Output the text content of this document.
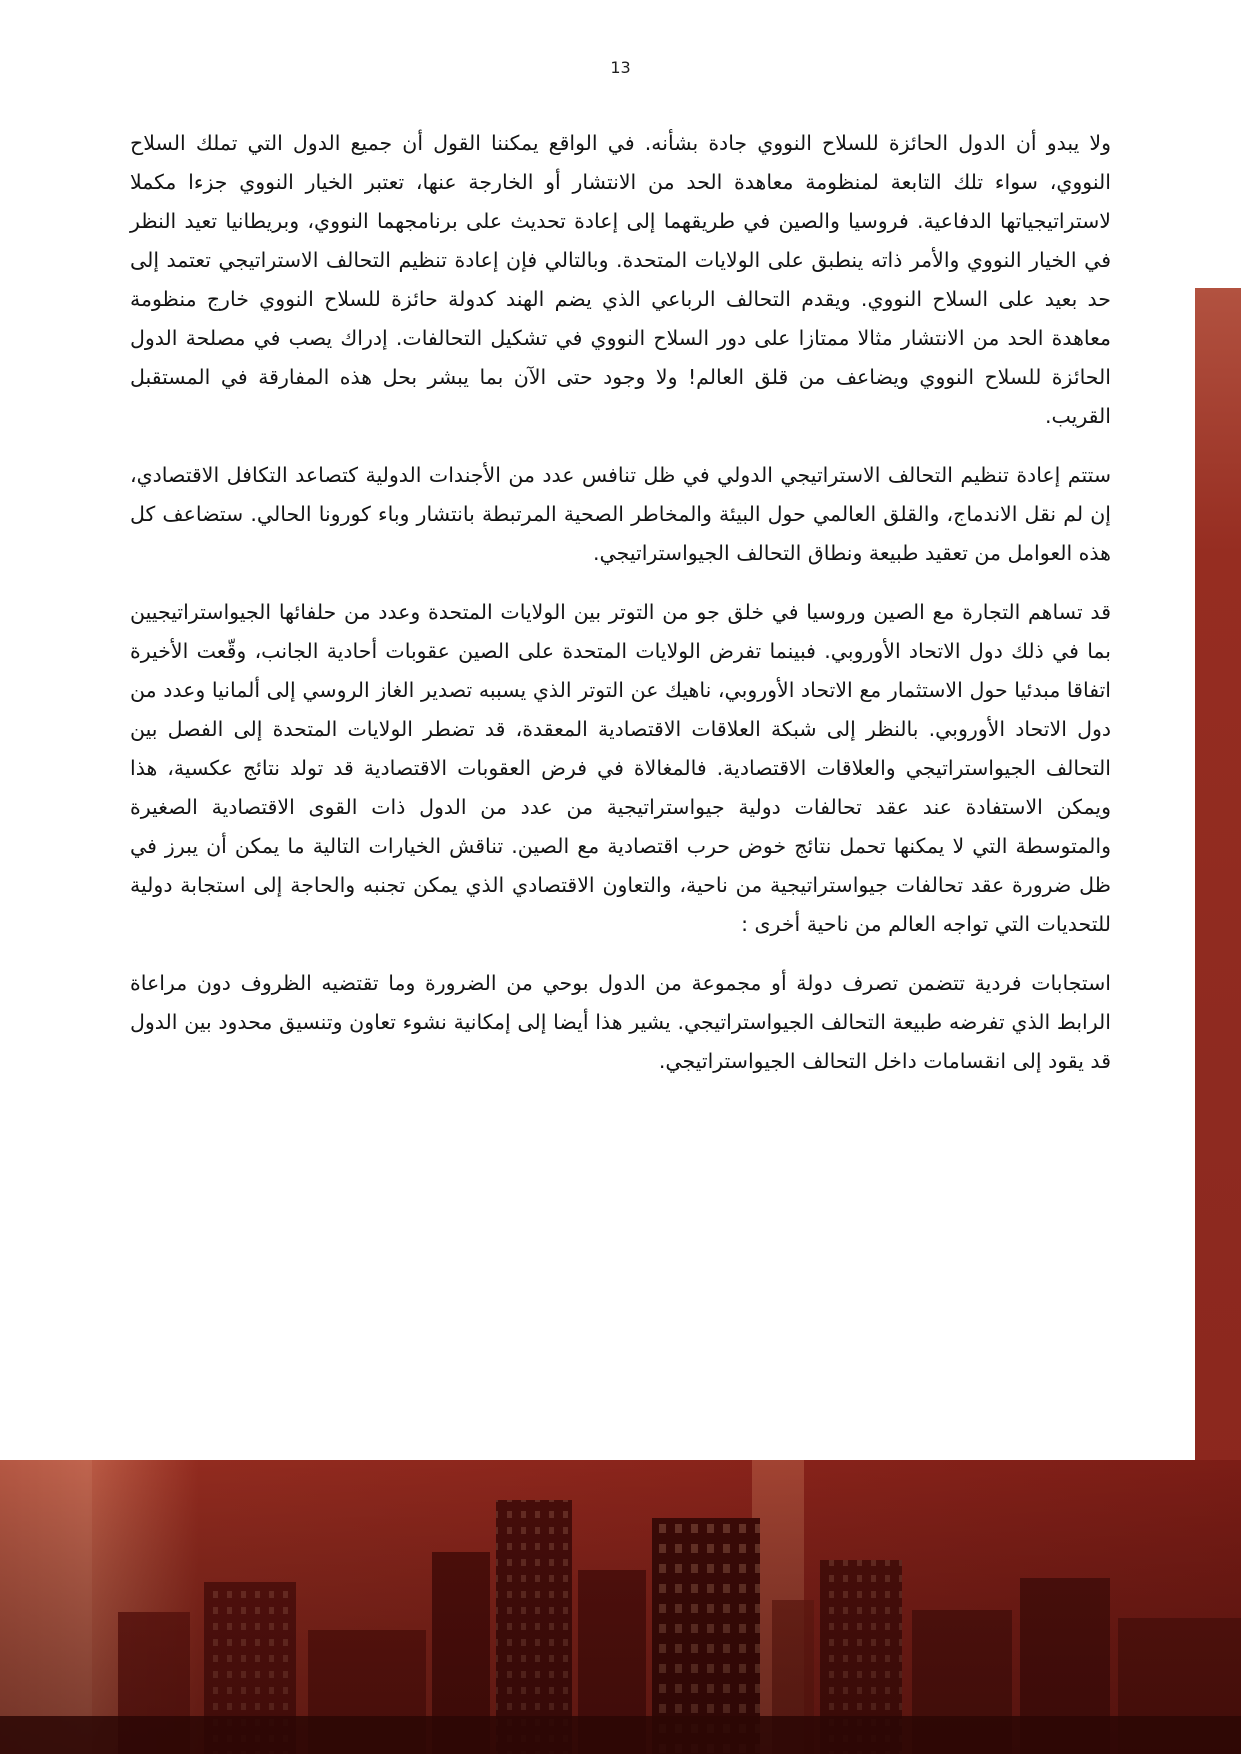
13

ولا يبدو أن الدول الحائزة للسلاح النووي جادة بشأنه. في الواقع يمكننا القول أن جميع الدول التي تملك السلاح النووي، سواء تلك التابعة لمنظومة معاهدة الحد من الانتشار أو الخارجة عنها، تعتبر الخيار النووي جزءا مكملا لاستراتيجياتها الدفاعية. فروسيا والصين في طريقهما إلى إعادة تحديث على برنامجهما النووي، وبريطانيا تعيد النظر في الخيار النووي والأمر ذاته ينطبق على الولايات المتحدة. وبالتالي فإن إعادة تنظيم التحالف الاستراتيجي تعتمد إلى حد بعيد على السلاح النووي. ويقدم التحالف الرباعي الذي يضم الهند كدولة حائزة للسلاح النووي خارج منظومة معاهدة الحد من الانتشار مثالا ممتازا على دور السلاح النووي في تشكيل التحالفات. إدراك يصب في مصلحة الدول الحائزة للسلاح النووي ويضاعف من قلق العالم! ولا وجود حتى الآن بما يبشر بحل هذه المفارقة في المستقبل القريب.

ستتم إعادة تنظيم التحالف الاستراتيجي الدولي في ظل تنافس عدد من الأجندات الدولية كتصاعد التكافل الاقتصادي، إن لم نقل الاندماج، والقلق العالمي حول البيئة والمخاطر الصحية المرتبطة بانتشار وباء كورونا الحالي. ستضاعف كل هذه العوامل من تعقيد طبيعة ونطاق التحالف الجيواستراتيجي.

قد تساهم التجارة مع الصين وروسيا في خلق جو من التوتر بين الولايات المتحدة وعدد من حلفائها الجيواستراتيجيين بما في ذلك دول الاتحاد الأوروبي. فبينما تفرض الولايات المتحدة على الصين عقوبات أحادية الجانب، وقّعت الأخيرة اتفاقا مبدئيا حول الاستثمار مع الاتحاد الأوروبي، ناهيك عن التوتر الذي يسببه تصدير الغاز الروسي إلى ألمانيا وعدد من دول الاتحاد الأوروبي. بالنظر إلى شبكة العلاقات الاقتصادية المعقدة، قد تضطر الولايات المتحدة إلى الفصل بين التحالف الجيواستراتيجي والعلاقات الاقتصادية. فالمغالاة في فرض العقوبات الاقتصادية قد تولد نتائج عكسية، هذا ويمكن الاستفادة عند عقد تحالفات دولية جيواستراتيجية من عدد من الدول ذات القوى الاقتصادية الصغيرة والمتوسطة التي لا يمكنها تحمل نتائج خوض حرب اقتصادية مع الصين. تناقش الخيارات التالية ما يمكن أن يبرز في ظل ضرورة عقد تحالفات جيواستراتيجية من ناحية، والتعاون الاقتصادي الذي يمكن تجنبه والحاجة إلى استجابة دولية للتحديات التي تواجه العالم من ناحية أخرى :

استجابات فردية تتضمن تصرف دولة أو مجموعة من الدول بوحي من الضرورة وما تقتضيه الظروف دون مراعاة الرابط الذي تفرضه طبيعة التحالف الجيواستراتيجي. يشير هذا أيضا إلى إمكانية نشوء تعاون وتنسيق محدود بين الدول قد يقود إلى انقسامات داخل التحالف الجيواستراتيجي.
